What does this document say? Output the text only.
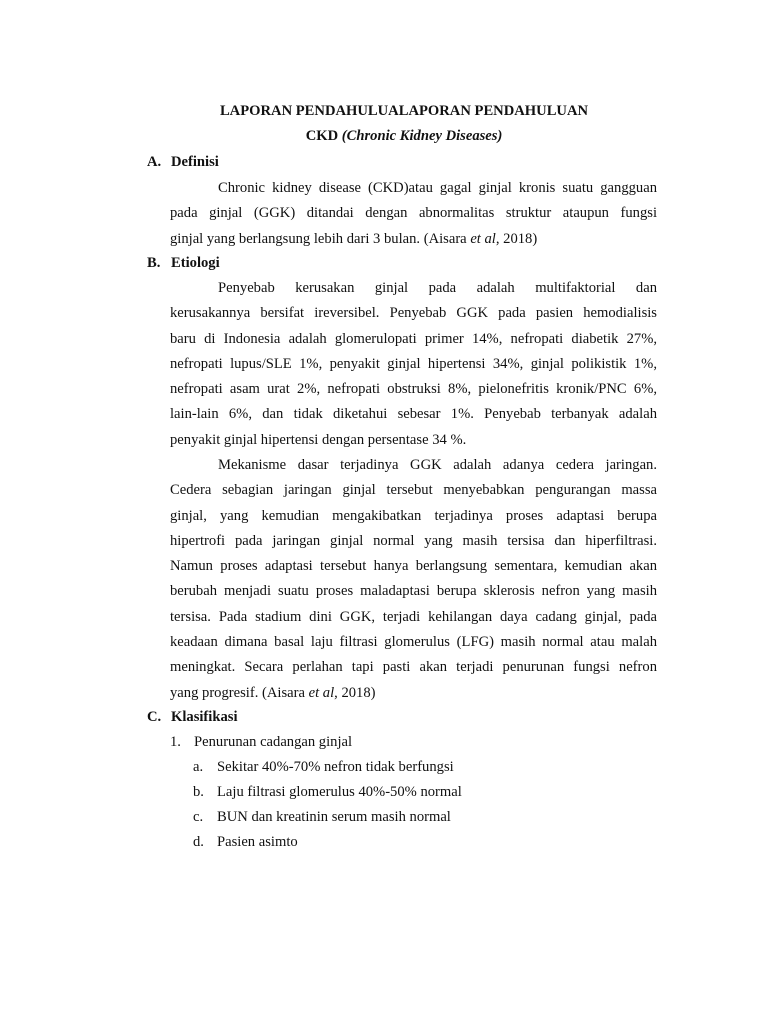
LAPORAN PENDAHULUALAPORAN PENDAHULUAN
CKD (Chronic Kidney Diseases)
A. Definisi
Chronic kidney disease (CKD)atau gagal ginjal kronis suatu gangguan
pada ginjal (GGK) ditandai dengan abnormalitas struktur ataupun fungsi
ginjal yang berlangsung lebih dari 3 bulan. (Aisara et al, 2018)
B. Etiologi
Penyebab kerusakan ginjal pada adalah multifaktorial dan
kerusakannya bersifat ireversibel. Penyebab GGK pada pasien hemodialisis
baru di Indonesia adalah glomerulopati primer 14%, nefropati diabetik 27%,
nefropati lupus/SLE 1%, penyakit ginjal hipertensi 34%, ginjal polikistik 1%,
nefropati asam urat 2%, nefropati obstruksi 8%, pielonefritis kronik/PNC 6%,
lain-lain 6%, dan tidak diketahui sebesar 1%. Penyebab terbanyak adalah
penyakit ginjal hipertensi dengan persentase 34 %.
Mekanisme dasar terjadinya GGK adalah adanya cedera jaringan.
Cedera sebagian jaringan ginjal tersebut menyebabkan pengurangan massa
ginjal, yang kemudian mengakibatkan terjadinya proses adaptasi berupa
hipertrofi pada jaringan ginjal normal yang masih tersisa dan hiperfiltrasi.
Namun proses adaptasi tersebut hanya berlangsung sementara, kemudian akan
berubah menjadi suatu proses maladaptasi berupa sklerosis nefron yang masih
tersisa. Pada stadium dini GGK, terjadi kehilangan daya cadang ginjal, pada
keadaan dimana basal laju filtrasi glomerulus (LFG) masih normal atau malah
meningkat. Secara perlahan tapi pasti akan terjadi penurunan fungsi nefron
yang progresif. (Aisara et al, 2018)
C. Klasifikasi
1. Penurunan cadangan ginjal
a. Sekitar 40%-70% nefron tidak berfungsi
b. Laju filtrasi glomerulus 40%-50% normal
c. BUN dan kreatinin serum masih normal
d. Pasien asimto
